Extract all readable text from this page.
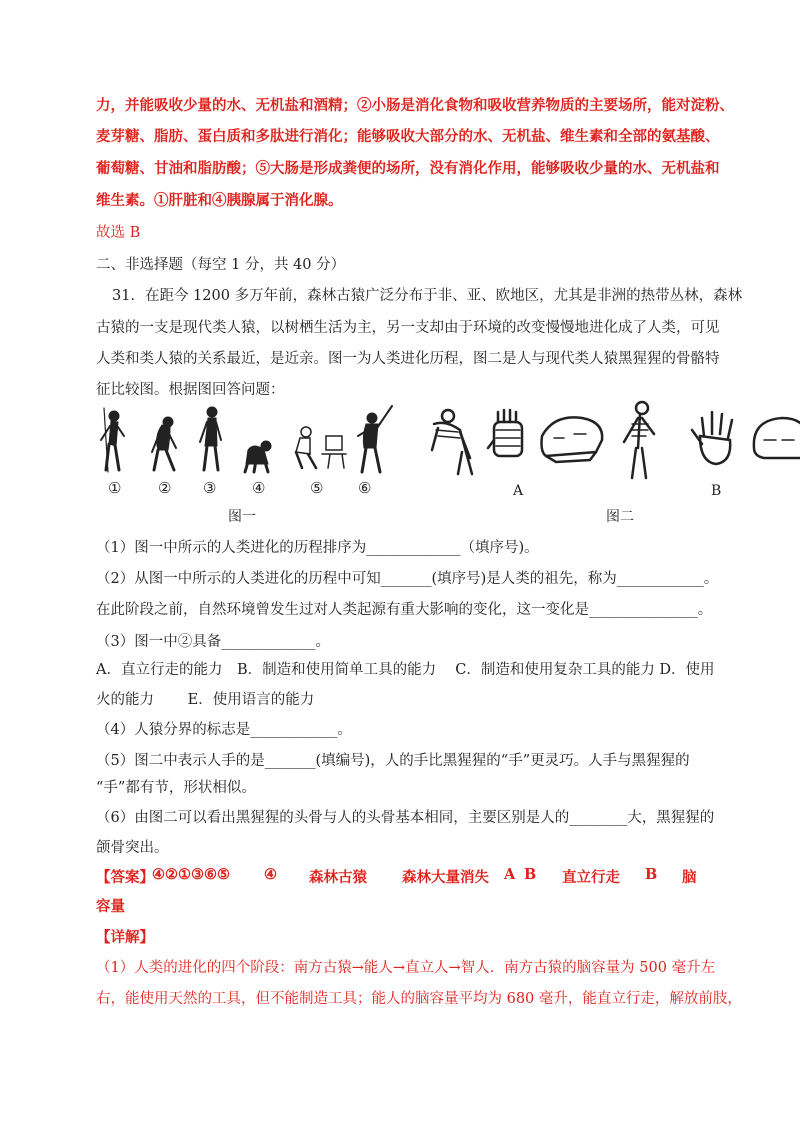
力，并能吸收少量的水、无机盐和酒精；②小肠是消化食物和吸收营养物质的主要场所，能对淀粉、
麦芽糖、脂肪、蛋白质和多肽进行消化；能够吸收大部分的水、无机盐、维生素和全部的氨基酸、
葡萄糖、甘油和脂肪酸；⑤大肠是形成粪便的场所，没有消化作用，能够吸收少量的水、无机盐和
维生素。①肝脏和④胰腺属于消化腺。
故选 B
二、非选择题（每空 1 分，共 40 分）
31．在距今 1200 多万年前，森林古猿广泛分布于非、亚、欧地区，尤其是非洲的热带丛林，森林
古猿的一支是现代类人猿，以树栖生活为主，另一支却由于环境的改变慢慢地进化成了人类，可见
人类和类人猿的关系最近，是近亲。图一为人类进化历程，图二是人与现代类人猿黑猩猩的骨骼特
征比较图。根据图回答问题：
① ② ③ ④	⑤ ⑥
图一
A	B
图二
（1）图一中所示的人类进化的历程排序为_____________（填序号)。
（2）从图一中所示的人类进化的历程中可知_______(填序号)是人类的祖先，称为____________。
在此阶段之前，自然环境曾发生过对人类起源有重大影响的变化，这一变化是_______________。
（3）图一中②具备_____________。
A．直立行走的能力　B．制造和使用简单工具的能力　 C．制造和使用复杂工具的能力 D．使用
火的能力　　 E．使用语言的能力
（4）人猿分界的标志是____________。
（5）图二中表示人手的是_______(填编号)，人的手比黑猩猩的“手”更灵巧。人手与黑猩猩的
“手”都有节，形状相似。
（6）由图二可以看出黑猩猩的头骨与人的头骨基本相同，主要区别是人的________大，黑猩猩的
颌骨突出。
【答案】
④②①③⑥⑤ ④ 森林古猿 森林大量消失 A B 直立行走 B 脑
容量
【详解】
（1）人类的进化的四个阶段：南方古猿→能人→直立人→智人．南方古猿的脑容量为 500 毫升左
右，能使用天然的工具，但不能制造工具；能人的脑容量平均为 680 毫升，能直立行走，解放前肢，
